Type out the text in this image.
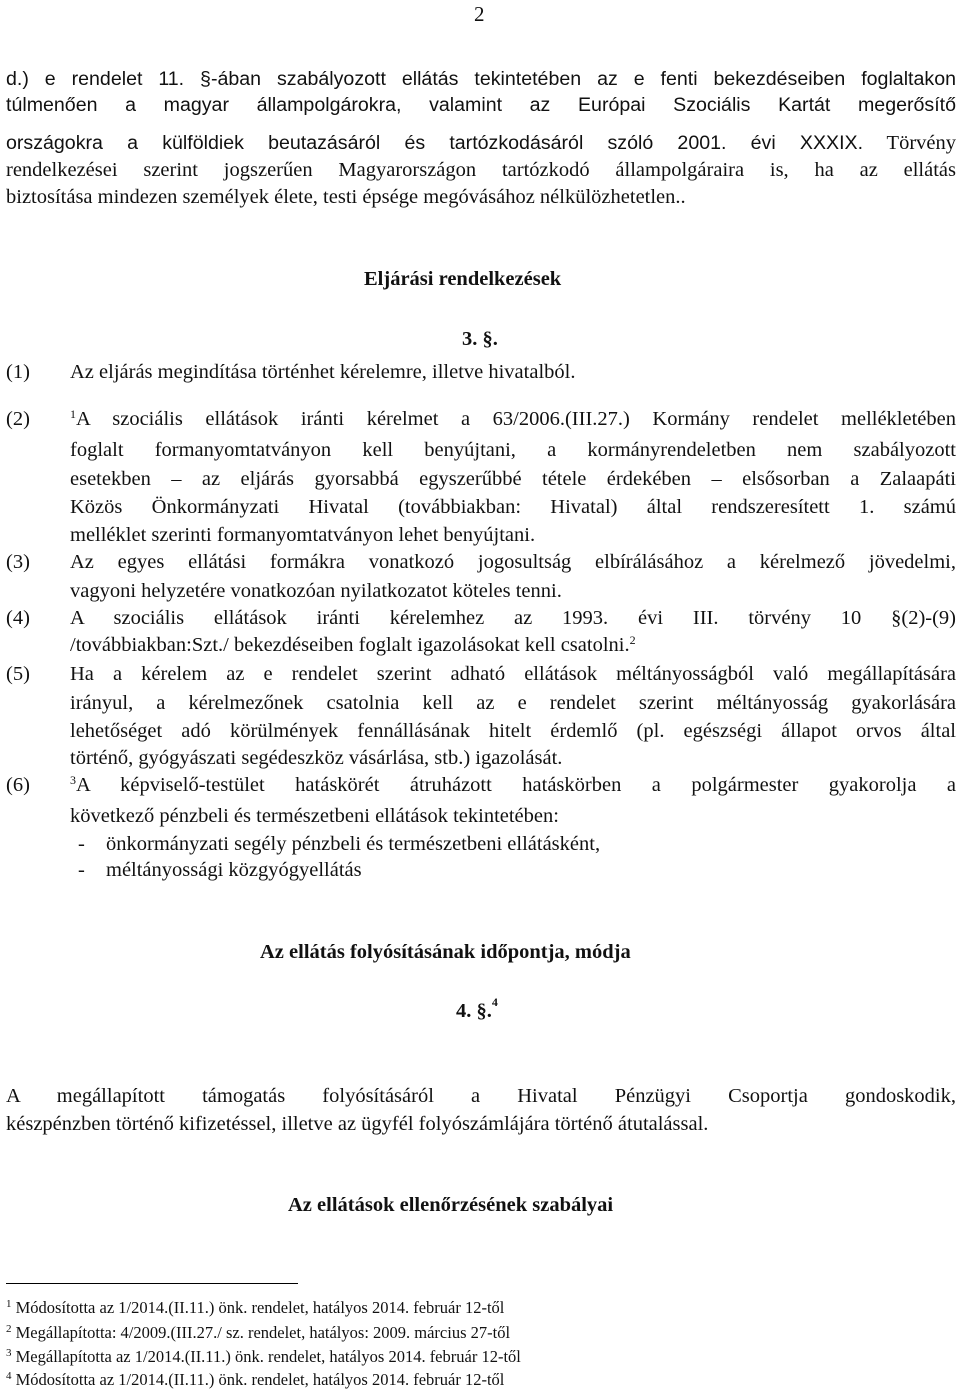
2
d.) e rendelet 11. §-ában szabályozott ellátás tekintetében az e fenti bekezdéseiben foglaltakon
túlmenően a magyar állampolgárokra, valamint az Európai Szociális Kartát megerősítő
országokra a külföldiek beutazásáról és tartózkodásáról szóló 2001. évi XXXIX. Törvény
rendelkezései szerint jogszerűen Magyarországon tartózkodó állampolgáraira is, ha az ellátás
biztosítása mindezen személyek élete, testi épsége megóvásához nélkülözhetetlen..
Eljárási rendelkezések
3. §.
(1) Az eljárás megindítása történhet kérelemre, illetve hivatalból.
(2)	$^1$A szociális ellátások iránti kérelmet a 63/2006.(III.27.) Kormány rendelet mellékletében
foglalt formanyomtatványon kell benyújtani, a kormányrendeletben nem szabályozott
esetekben – az eljárás gyorsabbá egyszerűbbé tétele érdekében – elsősorban a Zalaapáti
Közös Önkormányzati Hivatal (továbbiakban: Hivatal) által rendszeresített 1. számú
melléklet szerinti formanyomtatványon lehet benyújtani.
(3) Az egyes ellátási formákra vonatkozó jogosultság elbírálásához a kérelmező jövedelmi,
vagyoni helyzetére vonatkozóan nyilatkozatot köteles tenni.
(4) A szociális ellátások iránti kérelemhez az 1993. évi III. törvény 10 §(2)-(9)
/továbbiakban:Szt./ bekezdéseiben foglalt igazolásokat kell csatolni.$^2$
(5) Ha a kérelem az e rendelet szerint adható ellátások méltányosságból való megállapítására
irányul, a kérelmezőnek csatolnia kell az e rendelet szerint méltányosság gyakorlására
lehetőséget adó körülmények fennállásának hitelt érdemlő (pl. egészségi állapot orvos által
történő, gyógyászati segédeszköz vásárlása, stb.) igazolását.
(6)	$^3$A képviselő-testület hatáskörét átruházott hatáskörben a polgármester gyakorolja a
következő pénzbeli és természetbeni ellátások tekintetében:
- önkormányzati segély pénzbeli és természetbeni ellátásként,
- méltányossági közgyógyellátás
Az ellátás folyósításának időpontja, módja
4. §.$^4$
A megállapított támogatás folyósításáról a Hivatal Pénzügyi Csoportja gondoskodik,
készpénzben történő kifizetéssel, illetve az ügyfél folyószámlájára történő átutalással.
Az ellátások ellenőrzésének szabályai
$^1$ Módosította az 1/2014.(II.11.) önk. rendelet, hatályos 2014. február 12-től
$^2$ Megállapította: 4/2009.(III.27./ sz. rendelet, hatályos: 2009. március 27-től
$^3$ Megállapította az 1/2014.(II.11.) önk. rendelet, hatályos 2014. február 12-től
$^4$ Módosította az 1/2014.(II.11.) önk. rendelet, hatályos 2014. február 12-től
